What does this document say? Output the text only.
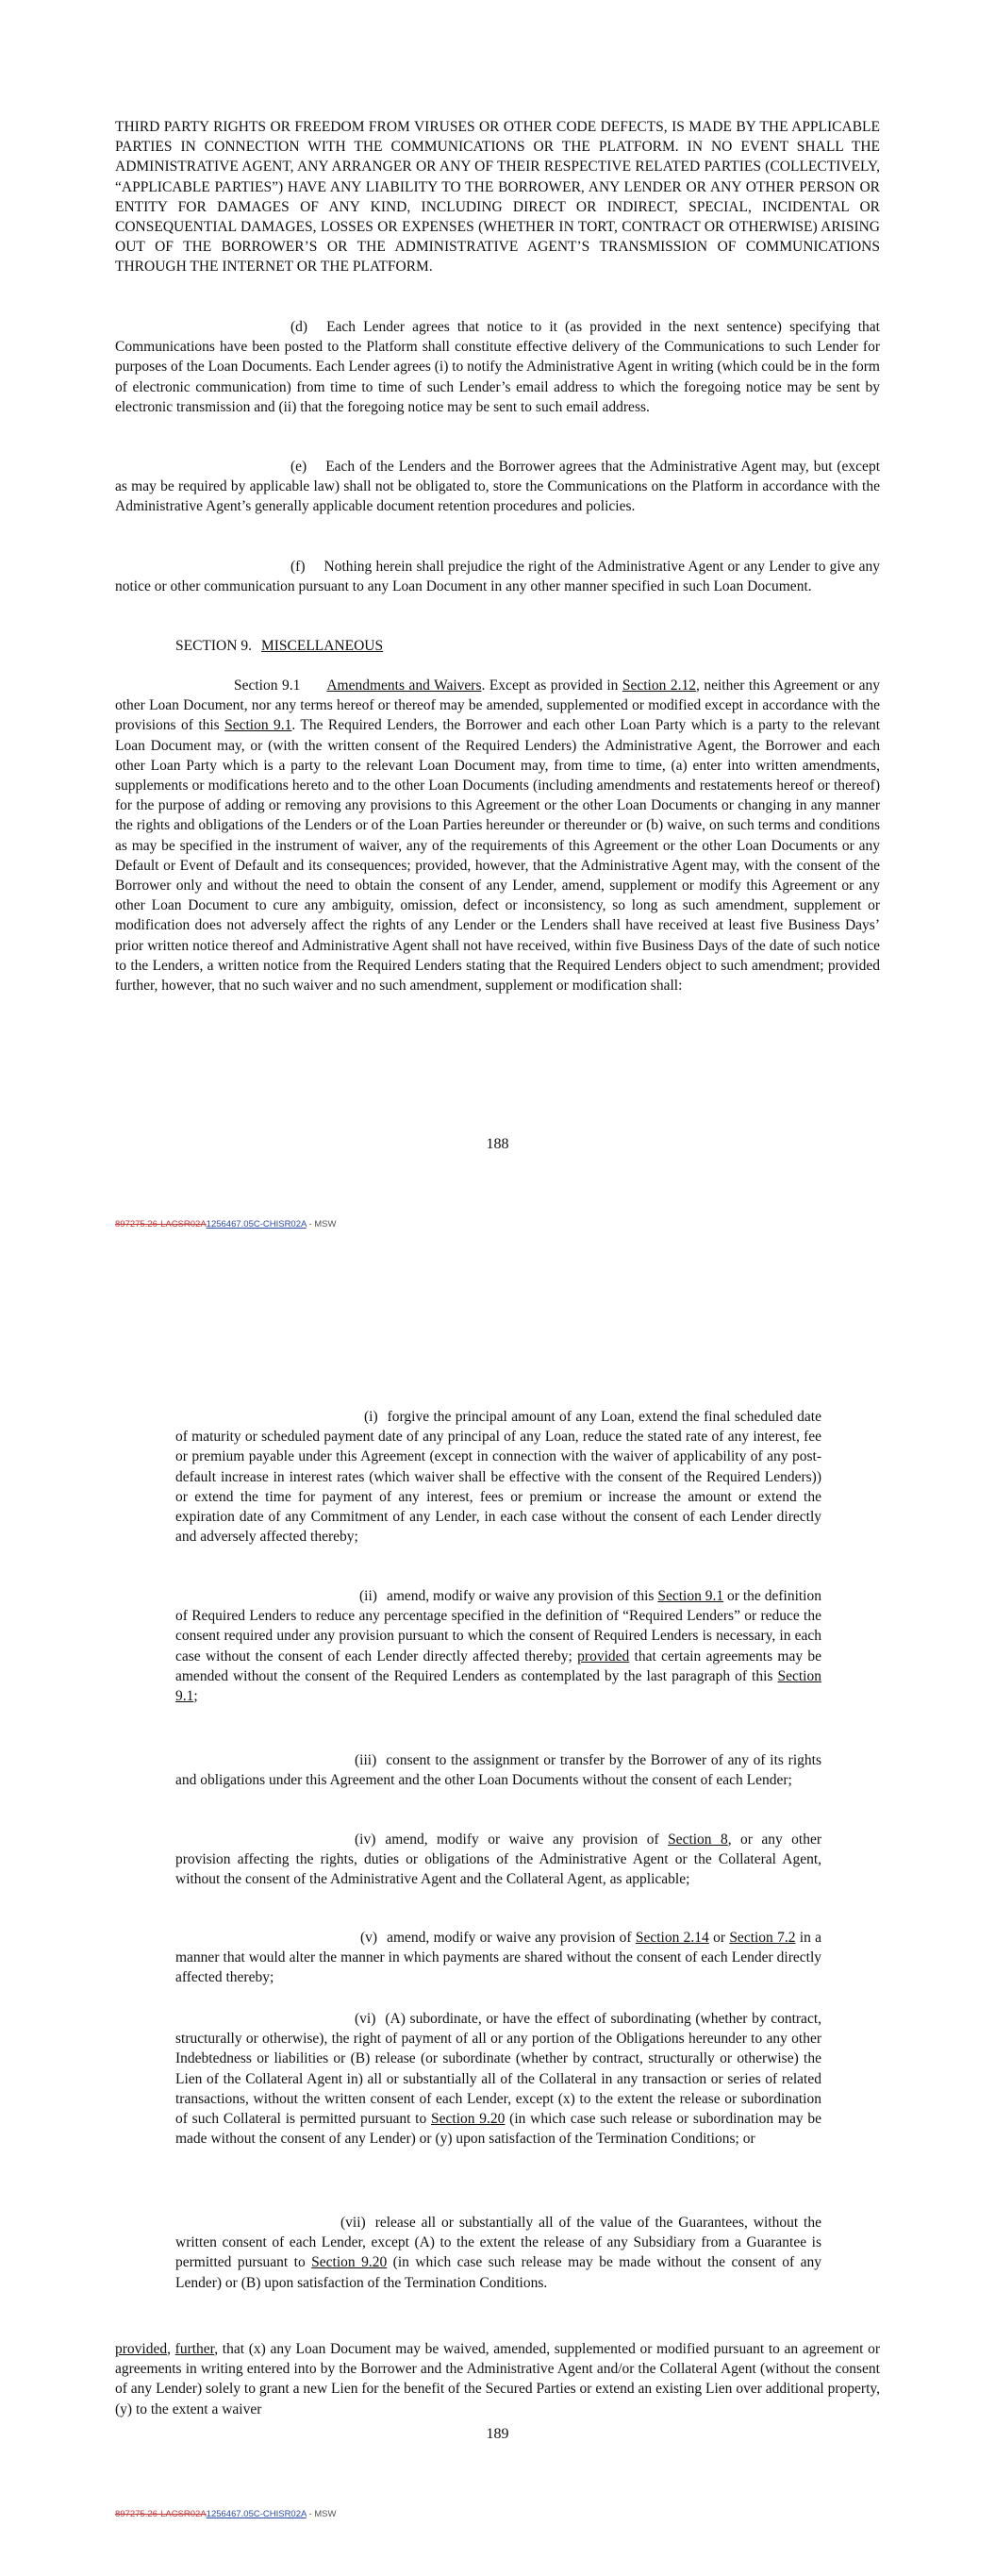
THIRD PARTY RIGHTS OR FREEDOM FROM VIRUSES OR OTHER CODE DEFECTS, IS MADE BY THE APPLICABLE PARTIES IN CONNECTION WITH THE COMMUNICATIONS OR THE PLATFORM. IN NO EVENT SHALL THE ADMINISTRATIVE AGENT, ANY ARRANGER OR ANY OF THEIR RESPECTIVE RELATED PARTIES (COLLECTIVELY, “APPLICABLE PARTIES”) HAVE ANY LIABILITY TO THE BORROWER, ANY LENDER OR ANY OTHER PERSON OR ENTITY FOR DAMAGES OF ANY KIND, INCLUDING DIRECT OR INDIRECT, SPECIAL, INCIDENTAL OR CONSEQUENTIAL DAMAGES, LOSSES OR EXPENSES (WHETHER IN TORT, CONTRACT OR OTHERWISE) ARISING OUT OF THE BORROWER’S OR THE ADMINISTRATIVE AGENT’S TRANSMISSION OF COMMUNICATIONS THROUGH THE INTERNET OR THE PLATFORM.

(d) Each Lender agrees that notice to it (as provided in the next sentence) specifying that Communications have been posted to the Platform shall constitute effective delivery of the Communications to such Lender for purposes of the Loan Documents. Each Lender agrees (i) to notify the Administrative Agent in writing (which could be in the form of electronic communication) from time to time of such Lender’s email address to which the foregoing notice may be sent by electronic transmission and (ii) that the foregoing notice may be sent to such email address.

(e) Each of the Lenders and the Borrower agrees that the Administrative Agent may, but (except as may be required by applicable law) shall not be obligated to, store the Communications on the Platform in accordance with the Administrative Agent’s generally applicable document retention procedures and policies.

(f) Nothing herein shall prejudice the right of the Administrative Agent or any Lender to give any notice or other communication pursuant to any Loan Document in any other manner specified in such Loan Document.

SECTION 9. MISCELLANEOUS

Section 9.1 Amendments and Waivers. Except as provided in Section 2.12, neither this Agreement or any other Loan Document, nor any terms hereof or thereof may be amended, supplemented or modified except in accordance with the provisions of this Section 9.1. The Required Lenders, the Borrower and each other Loan Party which is a party to the relevant Loan Document may, or (with the written consent of the Required Lenders) the Administrative Agent, the Borrower and each other Loan Party which is a party to the relevant Loan Document may, from time to time, (a) enter into written amendments, supplements or modifications hereto and to the other Loan Documents (including amendments and restatements hereof or thereof) for the purpose of adding or removing any provisions to this Agreement or the other Loan Documents or changing in any manner the rights and obligations of the Lenders or of the Loan Parties hereunder or thereunder or (b) waive, on such terms and conditions as may be specified in the instrument of waiver, any of the requirements of this Agreement or the other Loan Documents or any Default or Event of Default and its consequences; provided, however, that the Administrative Agent may, with the consent of the Borrower only and without the need to obtain the consent of any Lender, amend, supplement or modify this Agreement or any other Loan Document to cure any ambiguity, omission, defect or inconsistency, so long as such amendment, supplement or modification does not adversely affect the rights of any Lender or the Lenders shall have received at least five Business Days’ prior written notice thereof and Administrative Agent shall not have received, within five Business Days of the date of such notice to the Lenders, a written notice from the Required Lenders stating that the Required Lenders object to such amendment; provided further, however, that no such waiver and no such amendment, supplement or modification shall:

188
897275.26-LACSR02A1256467.05C-CHISR02A - MSW

(i) forgive the principal amount of any Loan, extend the final scheduled date of maturity or scheduled payment date of any principal of any Loan, reduce the stated rate of any interest, fee or premium payable under this Agreement (except in connection with the waiver of applicability of any post-default increase in interest rates (which waiver shall be effective with the consent of the Required Lenders)) or extend the time for payment of any interest, fees or premium or increase the amount or extend the expiration date of any Commitment of any Lender, in each case without the consent of each Lender directly and adversely affected thereby;

(ii) amend, modify or waive any provision of this Section 9.1 or the definition of Required Lenders to reduce any percentage specified in the definition of “Required Lenders” or reduce the consent required under any provision pursuant to which the consent of Required Lenders is necessary, in each case without the consent of each Lender directly affected thereby; provided that certain agreements may be amended without the consent of the Required Lenders as contemplated by the last paragraph of this Section 9.1;

(iii) consent to the assignment or transfer by the Borrower of any of its rights and obligations under this Agreement and the other Loan Documents without the consent of each Lender;

(iv) amend, modify or waive any provision of Section 8, or any other provision affecting the rights, duties or obligations of the Administrative Agent or the Collateral Agent, without the consent of the Administrative Agent and the Collateral Agent, as applicable;

(v) amend, modify or waive any provision of Section 2.14 or Section 7.2 in a manner that would alter the manner in which payments are shared without the consent of each Lender directly affected thereby;

(vi) (A) subordinate, or have the effect of subordinating (whether by contract, structurally or otherwise), the right of payment of all or any portion of the Obligations hereunder to any other Indebtedness or liabilities or (B) release (or subordinate (whether by contract, structurally or otherwise) the Lien of the Collateral Agent in) all or substantially all of the Collateral in any transaction or series of related transactions, without the written consent of each Lender, except (x) to the extent the release or subordination of such Collateral is permitted pursuant to Section 9.20 (in which case such release or subordination may be made without the consent of any Lender) or (y) upon satisfaction of the Termination Conditions; or

(vii) release all or substantially all of the value of the Guarantees, without the written consent of each Lender, except (A) to the extent the release of any Subsidiary from a Guarantee is permitted pursuant to Section 9.20 (in which case such release may be made without the consent of any Lender) or (B) upon satisfaction of the Termination Conditions.

provided, further, that (x) any Loan Document may be waived, amended, supplemented or modified pursuant to an agreement or agreements in writing entered into by the Borrower and the Administrative Agent and/or the Collateral Agent (without the consent of any Lender) solely to grant a new Lien for the benefit of the Secured Parties or extend an existing Lien over additional property, (y) to the extent a waiver

189
897275.26-LACSR02A1256467.05C-CHISR02A - MSW
